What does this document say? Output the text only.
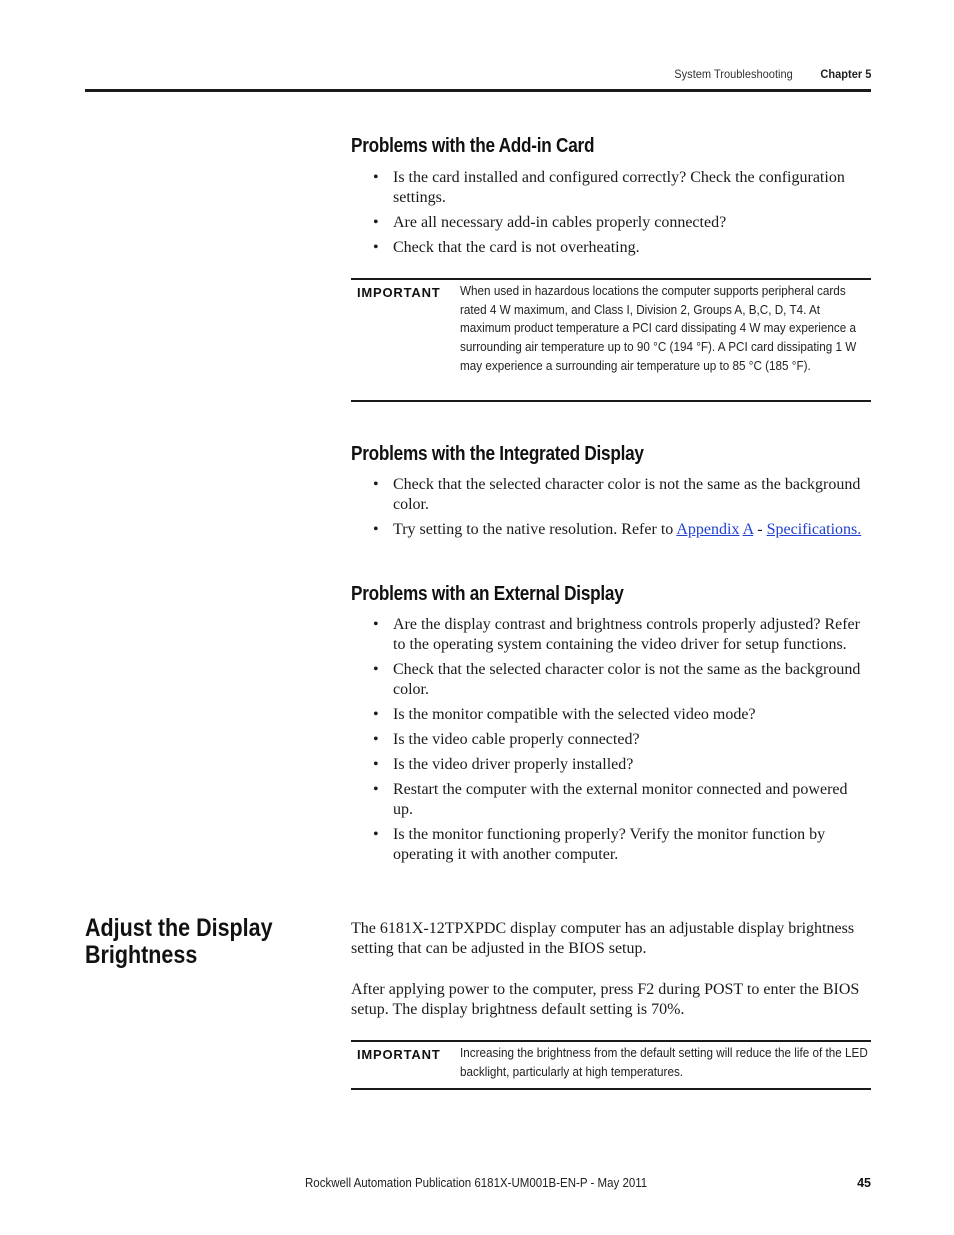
System Troubleshooting Chapter 5
Problems with the Add-in Card
• Is the card installed and configured correctly? Check the configuration settings.
• Are all necessary add-in cables properly connected?
• Check that the card is not overheating.
IMPORTANT When used in hazardous locations the computer supports peripheral cards rated 4 W maximum, and Class I, Division 2, Groups A, B,C, D, T4. At maximum product temperature a PCI card dissipating 4 W may experience a surrounding air temperature up to 90 °C (194 °F). A PCI card dissipating 1 W may experience a surrounding air temperature up to 85 °C (185 °F).
Problems with the Integrated Display
• Check that the selected character color is not the same as the background color.
• Try setting to the native resolution. Refer to Appendix A - Specifications.
Problems with an External Display
• Are the display contrast and brightness controls properly adjusted? Refer to the operating system containing the video driver for setup functions.
• Check that the selected character color is not the same as the background color.
• Is the monitor compatible with the selected video mode?
• Is the video cable properly connected?
• Is the video driver properly installed?
• Restart the computer with the external monitor connected and powered up.
• Is the monitor functioning properly? Verify the monitor function by operating it with another computer.
Adjust the Display Brightness

The 6181X-12TPXPDC display computer has an adjustable display brightness setting that can be adjusted in the BIOS setup.

After applying power to the computer, press F2 during POST to enter the BIOS setup. The display brightness default setting is 70%.

IMPORTANT Increasing the brightness from the default setting will reduce the life of the LED backlight, particularly at high temperatures.
Rockwell Automation Publication 6181X-UM001B-EN-P - May 2011	45
